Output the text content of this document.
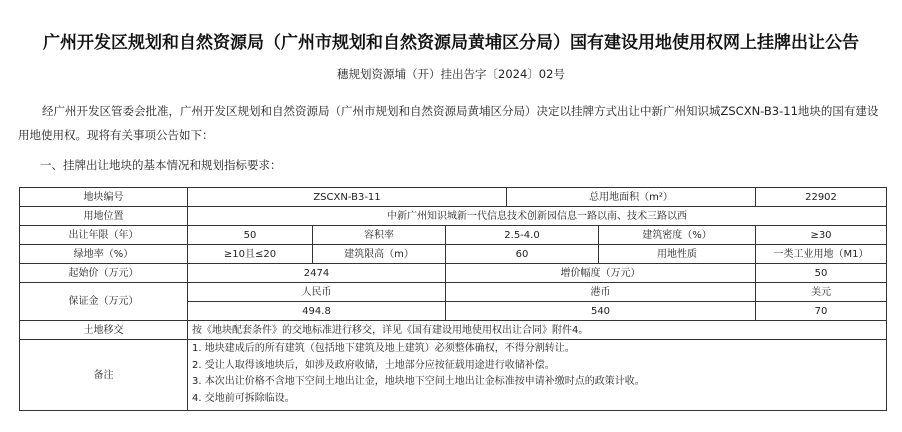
广州开发区规划和自然资源局（广州市规划和自然资源局黄埔区分局）国有建设用地使用权网上挂牌出让公告
穗规划资源埔（开）挂出告字〔2024〕02号
经广州开发区管委会批准，广州开发区规划和自然资源局（广州市规划和自然资源局黄埔区分局）决定以挂牌方式出让中新广州知识城ZSCXN-B3-11地块的国有建设用地使用权。现将有关事项公告如下：
一、挂牌出让地块的基本情况和规划指标要求：
地块编号	ZSCXN-B3-11			总用地面积（m²）		22902
用地位置	中新广州知识城新一代信息技术创新园信息一路以南、技术三路以西					
出让年限（年）	50	容积率	2.5-4.0		建筑密度（%）	≥30
绿地率（%）	≥10且≤20	建筑限高（m）	60		用地性质	一类工业用地（M1）
起始价（万元）	2474		增价幅度（万元）			50
保证金（万元）	人民币		港币			美元
	494.8		540			70
土地移交	按《地块配套条件》的交地标准进行移交，详见《国有建设用地使用权出让合同》附件4。					
备注	1. 地块建成后的所有建筑（包括地下建筑及地上建筑）必须整体确权，不得分割转让。
2. 受让人取得该地块后，如涉及政府收储，土地部分应按征载用途进行收储补偿。
3. 本次出让价格不含地下空间土地出让金，地块地下空间土地出让金标准按申请补缴时点的政策计收。
4. 交地前可拆除临设。					
